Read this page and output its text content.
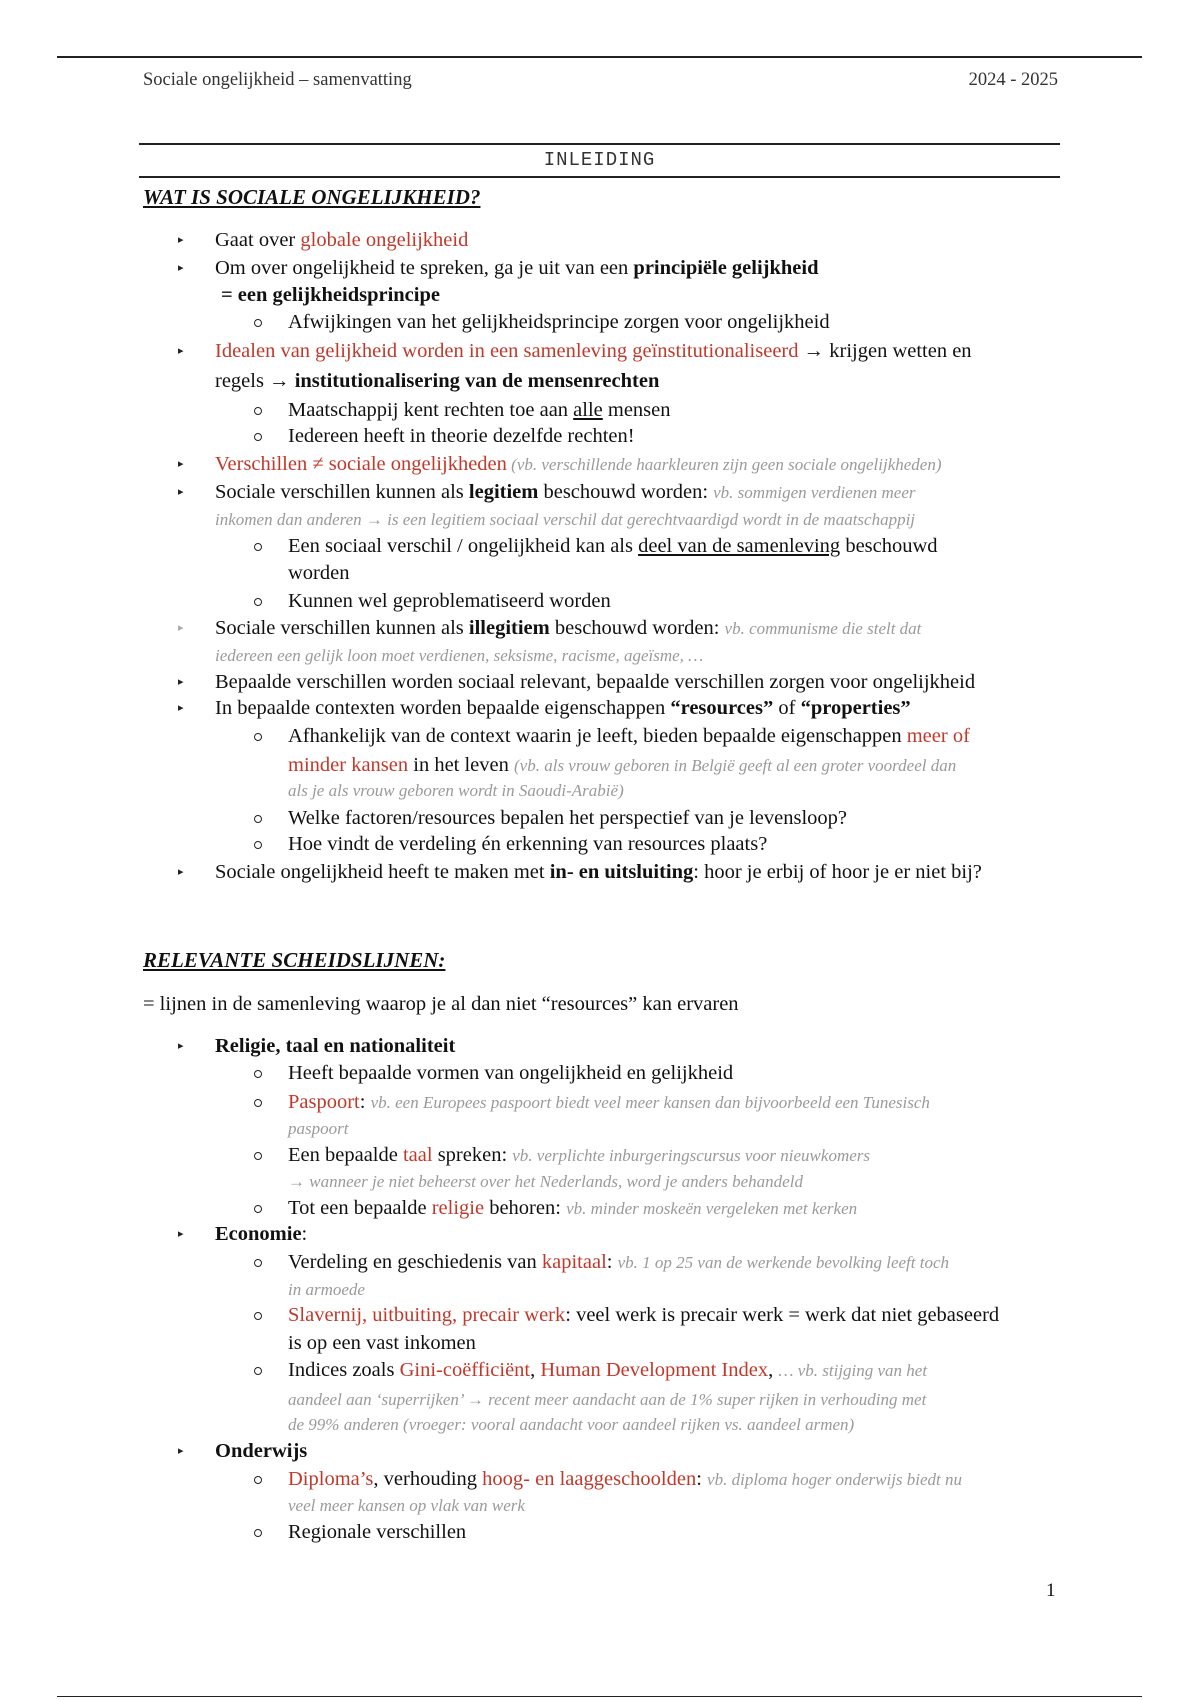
Sociale ongelijkheid – samenvatting	2024 - 2025
INLEIDING
WAT IS SOCIALE ONGELIJKHEID?
▸ Gaat over globale ongelijkheid
▸ Om over ongelijkheid te spreken, ga je uit van een principiële gelijkheid
= een gelijkheidsprincipe
Afwijkingen van het gelijkheidsprincipe zorgen voor ongelijkheid
▸ Idealen van gelijkheid worden in een samenleving geïnstitutionaliseerd → krijgen wetten en
regels → institutionalisering van de mensenrechten
Maatschappij kent rechten toe aan alle mensen
Iedereen heeft in theorie dezelfde rechten!
▸ Verschillen ≠ sociale ongelijkheden (vb. verschillende haarkleuren zijn geen sociale ongelijkheden)
▸ Sociale verschillen kunnen als legitiem beschouwd worden: vb. sommigen verdienen meer
inkomen dan anderen → is een legitiem sociaal verschil dat gerechtvaardigd wordt in de maatschappij
Een sociaal verschil / ongelijkheid kan als deel van de samenleving beschouwd
worden
Kunnen wel geproblematiseerd worden
▸ Sociale verschillen kunnen als illegitiem beschouwd worden: vb. communisme die stelt dat
iedereen een gelijk loon moet verdienen, seksisme, racisme, ageïsme, …
▸ Bepaalde verschillen worden sociaal relevant, bepaalde verschillen zorgen voor ongelijkheid
▸ In bepaalde contexten worden bepaalde eigenschappen “resources” of “properties”
Afhankelijk van de context waarin je leeft, bieden bepaalde eigenschappen meer of
minder kansen in het leven (vb. als vrouw geboren in België geeft al een groter voordeel dan
als je als vrouw geboren wordt in Saoudi-Arabië)
Welke factoren/resources bepalen het perspectief van je levensloop?
Hoe vindt de verdeling én erkenning van resources plaats?
▸ Sociale ongelijkheid heeft te maken met in- en uitsluiting: hoor je erbij of hoor je er niet bij?
RELEVANTE SCHEIDSLIJNEN:
= lijnen in de samenleving waarop je al dan niet “resources” kan ervaren
▸ Religie, taal en nationaliteit
Heeft bepaalde vormen van ongelijkheid en gelijkheid
Paspoort: vb. een Europees paspoort biedt veel meer kansen dan bijvoorbeeld een Tunesisch
paspoort
Een bepaalde taal spreken: vb. verplichte inburgeringscursus voor nieuwkomers
→ wanneer je niet beheerst over het Nederlands, word je anders behandeld
Tot een bepaalde religie behoren: vb. minder moskeën vergeleken met kerken
▸ Economie:
Verdeling en geschiedenis van kapitaal: vb. 1 op 25 van de werkende bevolking leeft toch
in armoede
Slavernij, uitbuiting, precair werk: veel werk is precair werk = werk dat niet gebaseerd
is op een vast inkomen
Indices zoals Gini-coëfficiënt, Human Development Index, … vb. stijging van het
aandeel aan ‘superrijken’ → recent meer aandacht aan de 1% super rijken in verhouding met
de 99% anderen (vroeger: vooral aandacht voor aandeel rijken vs. aandeel armen)
▸ Onderwijs
Diploma’s, verhouding hoog- en laaggeschoolden: vb. diploma hoger onderwijs biedt nu
veel meer kansen op vlak van werk
Regionale verschillen
1
